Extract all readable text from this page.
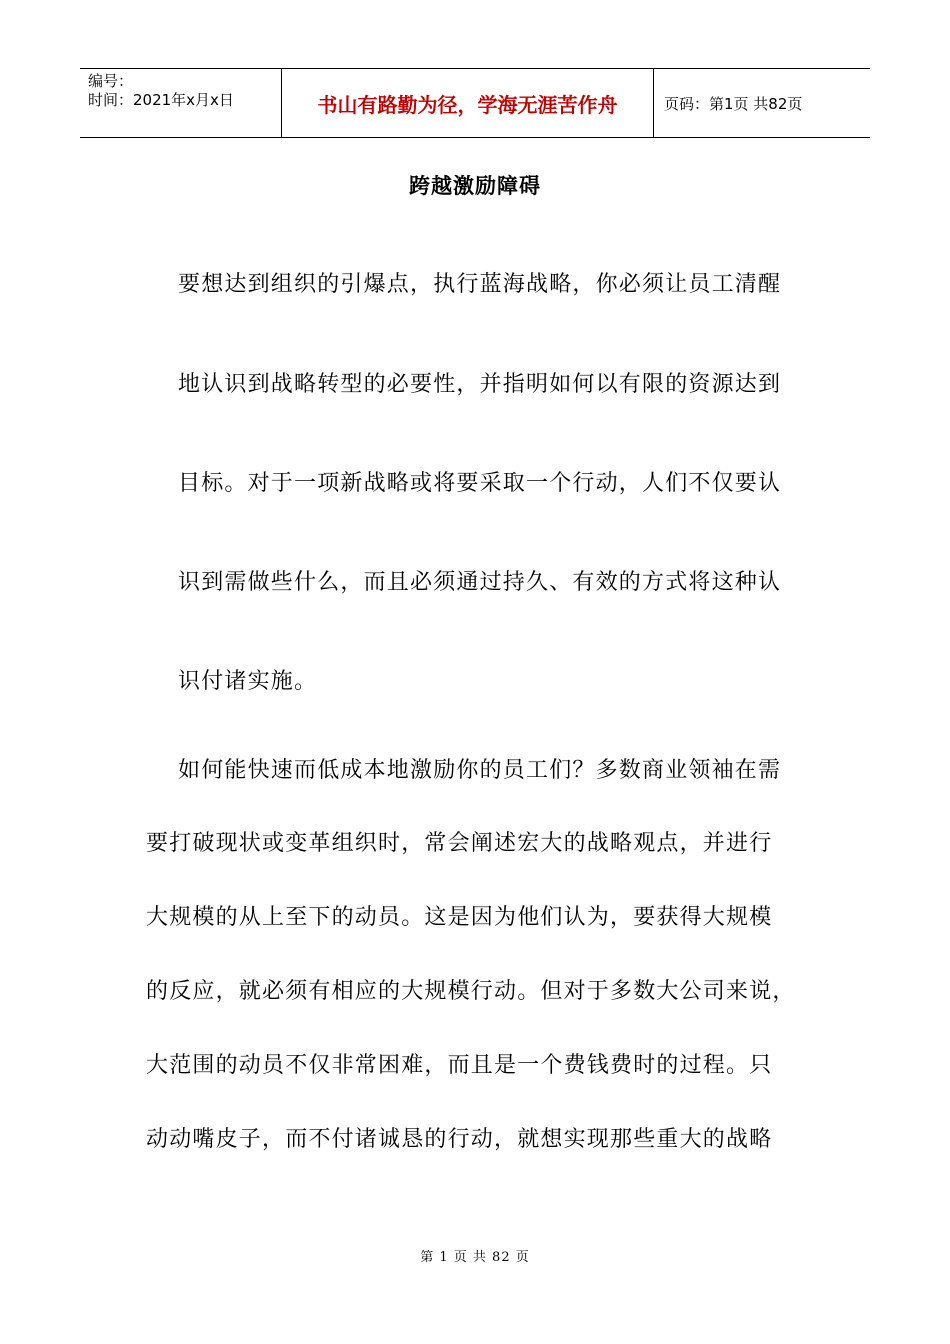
编号：
时间：2021年x月x日	书山有路勤为径，学海无涯苦作舟	页码：第1页 共82页
跨越激励障碍
要想达到组织的引爆点，执行蓝海战略，你必须让员工清醒
地认识到战略转型的必要性，并指明如何以有限的资源达到
目标。对于一项新战略或将要采取一个行动，人们不仅要认
识到需做些什么，而且必须通过持久、有效的方式将这种认
识付诸实施。
如何能快速而低成本地激励你的员工们？多数商业领袖在需
要打破现状或变革组织时，常会阐述宏大的战略观点，并进行
大规模的从上至下的动员。这是因为他们认为，要获得大规模
的反应，就必须有相应的大规模行动。但对于多数大公司来说，
大范围的动员不仅非常困难，而且是一个费钱费时的过程。只
动动嘴皮子，而不付诸诚恳的行动，就想实现那些重大的战略
第 1 页 共 82 页
